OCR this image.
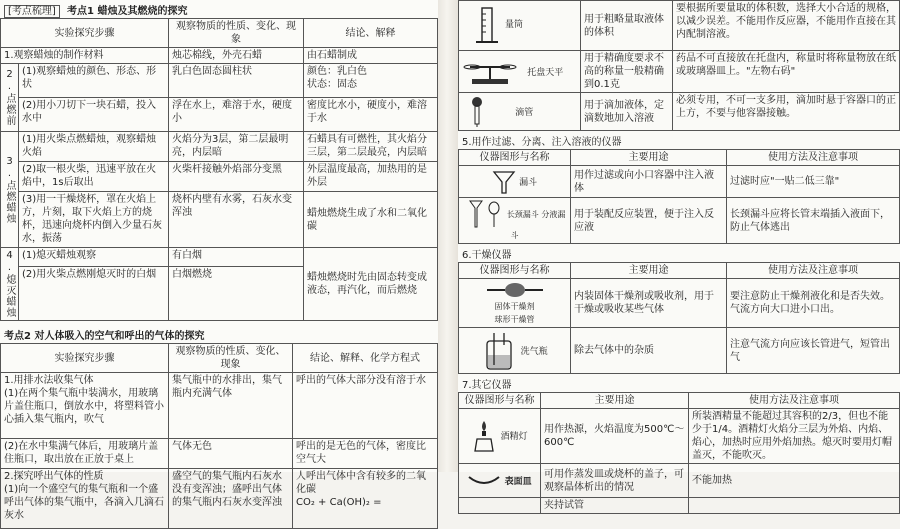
[考点梳理] 考点1 蜡烛及其燃烧的探究
实验探究步骤		观察物质的性质、变化、现象	结论、解释
1.观察蜡烛的制作材料		烛芯棉线，外壳石蜡	由石蜡制成
2.点燃前	(1)观察蜡烛的颜色、形态、形状	乳白色固态圆柱状	颜色：乳白色
状态：固态
	(2)用小刀切下一块石蜡，投入水中	浮在水上，难溶于水，硬度小	密度比水小，硬度小，难溶于水
3.点燃蜡烛	(1)用火柴点燃蜡烛，观察蜡烛火焰	火焰分为3层，第二层最明亮，内层暗	石蜡具有可燃性，其火焰分三层，第二层最亮，内层暗
	(2)取一根火柴，迅速平放在火焰中，1s后取出	火柴杆接触外焰部分变黑	外层温度最高，加热用的是外层
	(3)用一干燥烧杯，罩在火焰上方，片刻，取下火焰上方的烧杯，迅速向烧杯内倒入少量石灰水，振荡	烧杯内壁有水雾，石灰水变浑浊	蜡烛燃烧生成了水和二氧化碳
4.熄灭蜡烛	(1)熄灭蜡烛观察	有白烟	蜡烛燃烧时先由固态转变成液态，再汽化，而后燃烧
	(2)用火柴点燃刚熄灭时的白烟	白烟燃烧	
考点2 对人体吸入的空气和呼出的气体的探究
实验探究步骤	观察物质的性质、变化、现象	结论、解释、化学方程式
1.用排水法收集气体
(1)在两个集气瓶中装满水，用玻璃片盖住瓶口，倒放水中，将塑料管小心插入集气瓶内，吹气	集气瓶中的水排出，集气瓶内充满气体	呼出的气体大部分没有溶于水
(2)在水中集满气体后，用玻璃片盖住瓶口，取出放在正放于桌上	气体无色	呼出的是无色的气体，密度比空气大
2.探究呼出气体的性质
(1)向一个盛空气的集气瓶和一个盛呼出气体的集气瓶中，各滴入几滴石灰水	盛空气的集气瓶内石灰水没有变浑浊；盛呼出气体的集气瓶内石灰水变浑浊	人呼出气体中含有较多的二氧化碳
CO₂ + Ca(OH)₂ =
量筒	用于粗略量取液体的体积	要根据所要量取的体积数，选择大小合适的规格，以减少误差。不能用作反应器，不能用作直接在其内配制溶液。
托盘天平	用于精确度要求不高的称量一般精确到0.1克	药品不可直接放在托盘内，称量时将称量物放在纸或玻璃器皿上。"左物右码"
滴管	用于滴加液体，定滴数地加入溶液	必须专用，不可一支多用，滴加时悬于容器口的正上方，不要与他容器接触。
5.用作过滤、分离、注入溶液的仪器
仪器图形与名称	主要用途	使用方法及注意事项
漏斗	用作过滤或向小口容器中注入液体	过滤时应"一贴二低三靠"
长颈漏斗 分液漏斗	用于装配反应装置，便于注入反应液	长颈漏斗应将长管末端插入液面下，防止气体逃出
6.干燥仪器
仪器图形与名称	主要用途	使用方法及注意事项

固体干燥剂
球形干燥管	内装固体干燥剂或吸收剂，用于干燥或吸收某些气体	要注意防止干燥剂液化和是否失效。气流方向大口进小口出。
洗气瓶	除去气体中的杂质	注意气流方向应该长管进气，短管出气
7.其它仪器
仪器图形与名称	主要用途	使用方法及注意事项
酒精灯	用作热源，火焰温度为500℃～600℃	所装酒精量不能超过其容积的2/3，但也不能少于1/4。酒精灯火焰分三层为外焰、内焰、焰心，加热时应用外焰加热。熄灭时要用灯帽盖灭，不能吹灭。
表面皿	可用作蒸发皿或烧杯的盖子，可观察晶体析出的情况	不能加热
	夹持试管	
